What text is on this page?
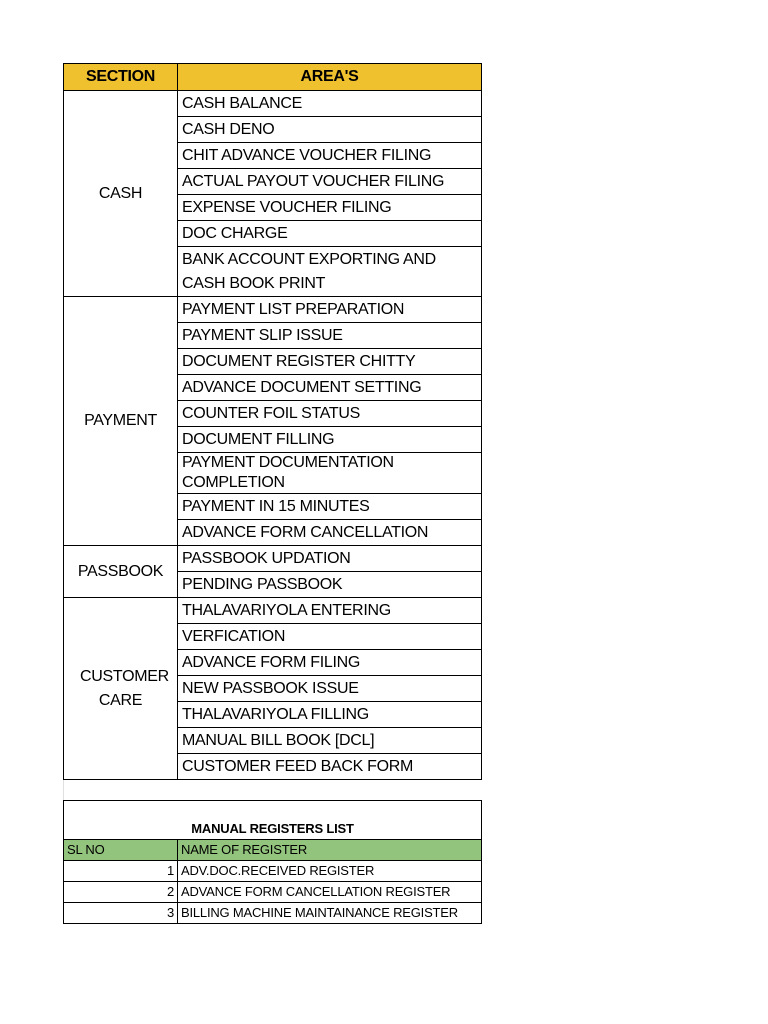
SECTION	AREA'S
CASH	CASH BALANCE
	CASH DENO
	CHIT ADVANCE VOUCHER FILING
	ACTUAL PAYOUT VOUCHER FILING
	EXPENSE VOUCHER FILING
	DOC CHARGE
	BANK ACCOUNT EXPORTING AND CASH BOOK PRINT
PAYMENT	PAYMENT LIST PREPARATION
	PAYMENT SLIP ISSUE
	DOCUMENT REGISTER CHITTY
	ADVANCE DOCUMENT SETTING
	COUNTER FOIL STATUS
	DOCUMENT FILLING
	PAYMENT DOCUMENTATION COMPLETION
	PAYMENT IN 15 MINUTES
	ADVANCE FORM CANCELLATION
PASSBOOK	PASSBOOK UPDATION
	PENDING PASSBOOK
CUSTOMER CARE	THALAVARIYOLA ENTERING
	VERFICATION
	ADVANCE FORM FILING
	NEW PASSBOOK ISSUE
	THALAVARIYOLA FILLING
	MANUAL BILL BOOK [DCL]
	CUSTOMER FEED BACK FORM
MANUAL REGISTERS LIST	
SL NO	NAME OF REGISTER
1	ADV.DOC.RECEIVED REGISTER
2	ADVANCE FORM CANCELLATION REGISTER
3	BILLING MACHINE MAINTAINANCE REGISTER
